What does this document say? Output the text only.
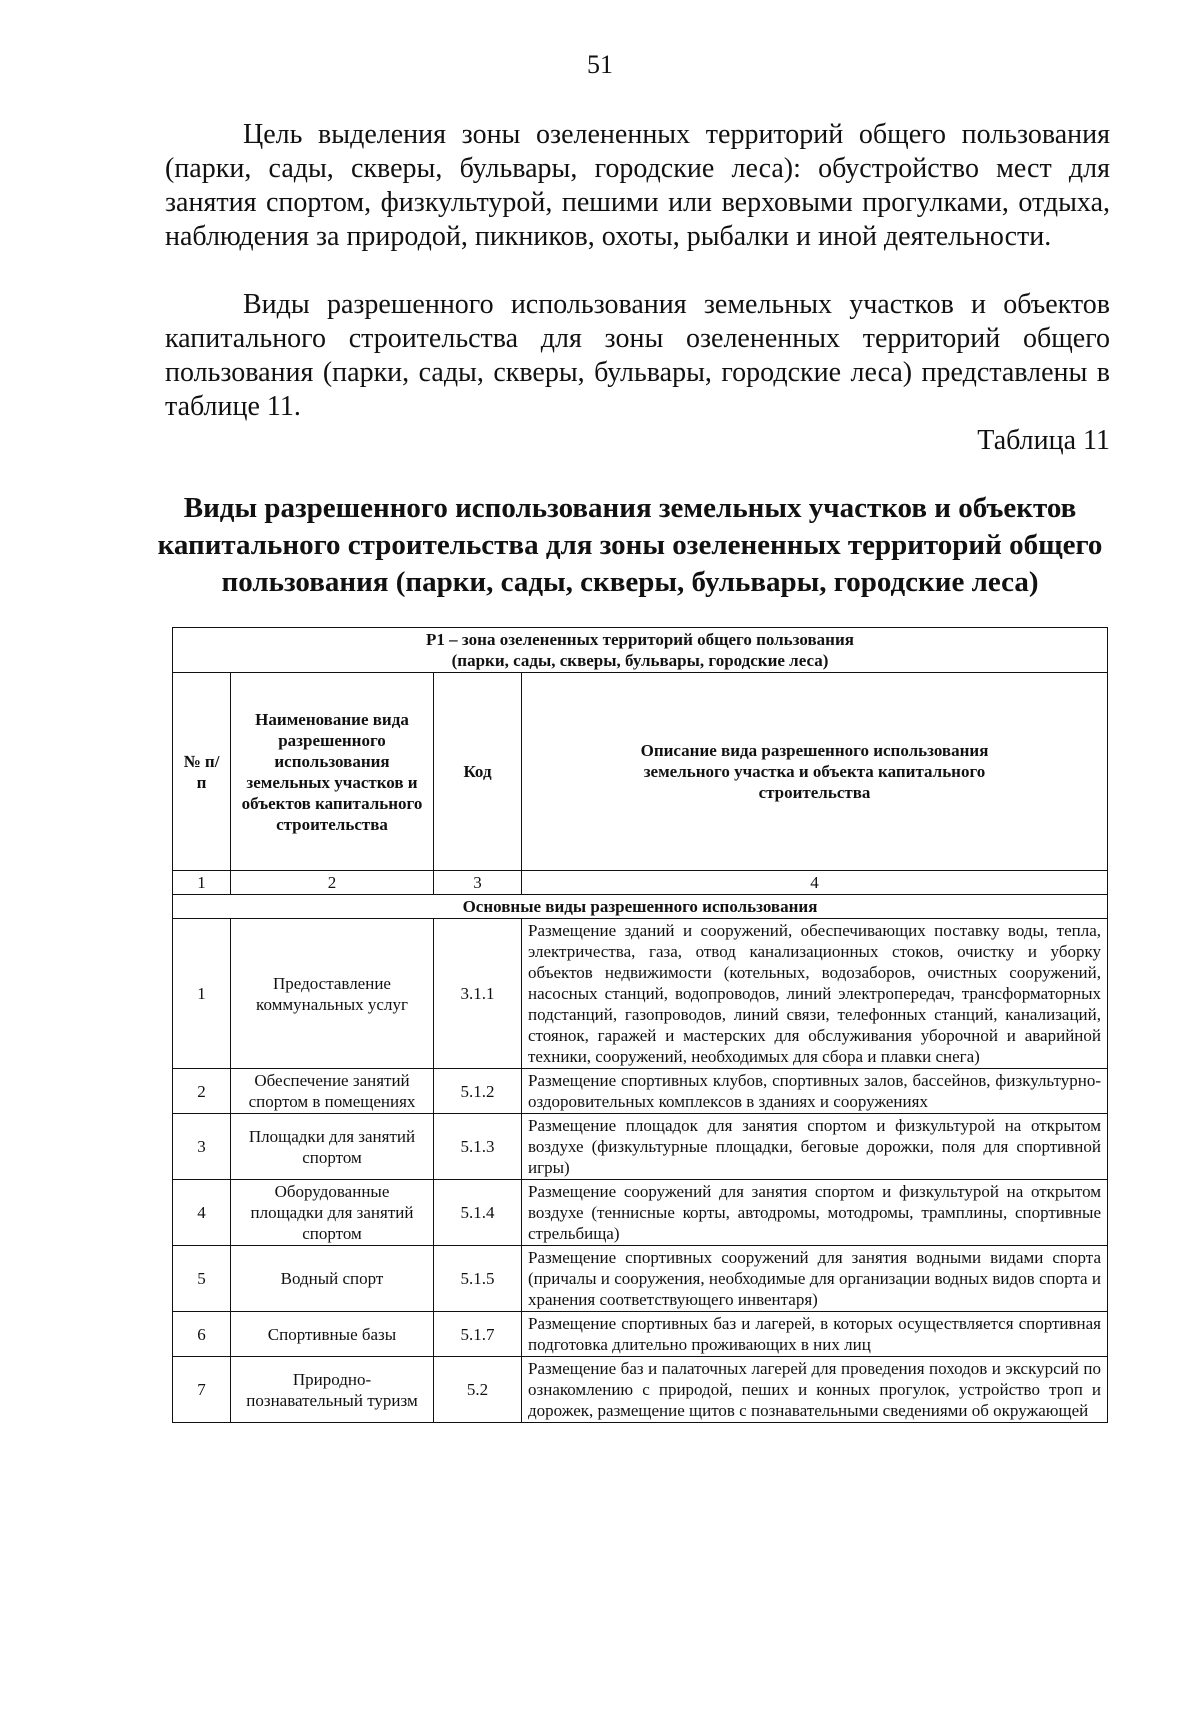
51

Цель выделения зоны озелененных территорий общего пользования (парки, сады, скверы, бульвары, городские леса): обустройство мест для занятия спортом, физкультурой, пешими или верховыми прогулками, отдыха, наблюдения за природой, пикников, охоты, рыбалки и иной деятельности.

Виды разрешенного использования земельных участков и объектов капитального строительства для зоны озелененных территорий общего пользования (парки, сады, скверы, бульвары, городские леса) представлены в таблице 11.

Таблица 11
Виды разрешенного использования земельных участков и объектов капитального строительства для зоны озелененных территорий общего пользования (парки, сады, скверы, бульвары, городские леса)
Р1 – зона озелененных территорий общего пользования
(парки, сады, скверы, бульвары, городские леса)			

№ п/п	Наименование вида разрешенного использования земельных участков и объектов капитального строительства	Код	Описание вида разрешенного использования земельного участка и объекта капитального строительства
1	2	3	4
Основные виды разрешенного использования			
1	Предоставление коммунальных услуг	3.1.1	Размещение зданий и сооружений, обеспечивающих поставку воды, тепла, электричества, газа, отвод канализационных стоков, очистку и уборку объектов недвижимости (котельных, водозаборов, очистных сооружений, насосных станций, водопроводов, линий электропередач, трансформаторных подстанций, газопроводов, линий связи, телефонных станций, канализаций, стоянок, гаражей и мастерских для обслуживания уборочной и аварийной техники, сооружений, необходимых для сбора и плавки снега)
2	Обеспечение занятий спортом в помещениях	5.1.2	Размещение спортивных клубов, спортивных залов, бассейнов, физкультурно-оздоровительных комплексов в зданиях и сооружениях
3	Площадки для занятий спортом	5.1.3	Размещение площадок для занятия спортом и физкультурой на открытом воздухе (физкультурные площадки, беговые дорожки, поля для спортивной игры)
4	Оборудованные площадки для занятий спортом	5.1.4	Размещение сооружений для занятия спортом и физкультурой на открытом воздухе (теннисные корты, автодромы, мотодромы, трамплины, спортивные стрельбища)
5	Водный спорт	5.1.5	Размещение спортивных сооружений для занятия водными видами спорта (причалы и сооружения, необходимые для организации водных видов спорта и хранения соответствующего инвентаря)
6	Спортивные базы	5.1.7	Размещение спортивных баз и лагерей, в которых осуществляется спортивная подготовка длительно проживающих в них лиц
7	Природно-познавательный туризм	5.2	Размещение баз и палаточных лагерей для проведения походов и экскурсий по ознакомлению с природой, пеших и конных прогулок, устройство троп и дорожек, размещение щитов с познавательными сведениями об окружающей
